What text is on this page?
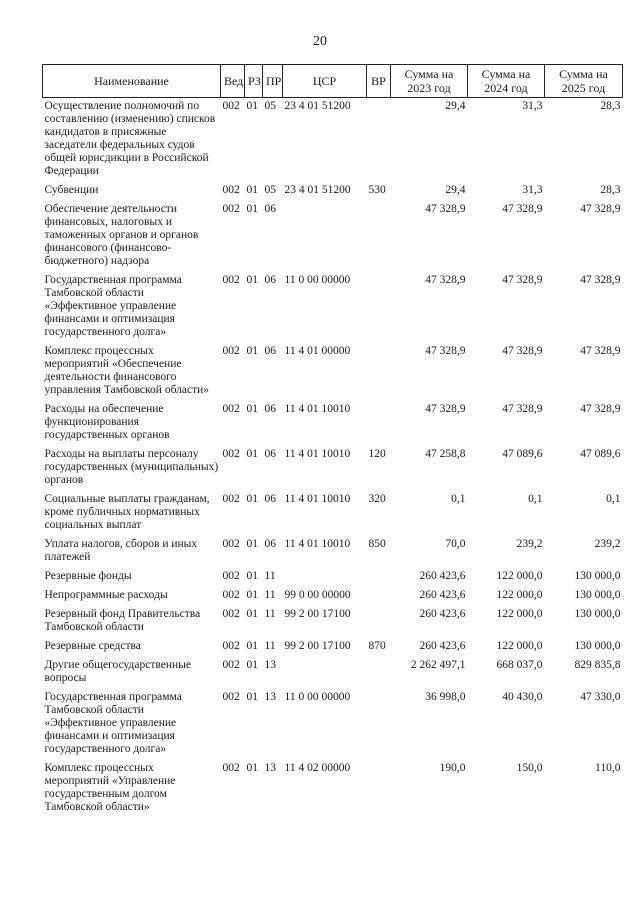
20
Наименование	Вед	РЗ	ПР	ЦСР	ВР	Сумма на 2023 год	Сумма на 2024 год	Сумма на 2025 год
Осуществление полномочий по составлению (изменению) списков кандидатов в присяжные заседатели федеральных судов общей юрисдикции в Российской Федерации	002	01	05	23 4 01 51200		29,4	31,3	28,3
Субвенции	002	01	05	23 4 01 51200	530	29,4	31,3	28,3
Обеспечение деятельности финансовых, налоговых и таможенных органов и органов финансового (финансово-бюджетного) надзора	002	01	06			47 328,9	47 328,9	47 328,9
Государственная программа Тамбовской области «Эффективное управление финансами и оптимизация государственного долга»	002	01	06	11 0 00 00000		47 328,9	47 328,9	47 328,9
Комплекс процессных мероприятий «Обеспечение деятельности финансового управления Тамбовской области»	002	01	06	11 4 01 00000		47 328,9	47 328,9	47 328,9
Расходы на обеспечение функционирования государственных органов	002	01	06	11 4 01 10010		47 328,9	47 328,9	47 328,9
Расходы на выплаты персоналу государственных (муниципальных) органов	002	01	06	11 4 01 10010	120	47 258,8	47 089,6	47 089,6
Социальные выплаты гражданам, кроме публичных нормативных социальных выплат	002	01	06	11 4 01 10010	320	0,1	0,1	0,1
Уплата налогов, сборов и иных платежей	002	01	06	11 4 01 10010	850	70,0	239,2	239,2
Резервные фонды	002	01	11			260 423,6	122 000,0	130 000,0
Непрограммные расходы	002	01	11	99 0 00 00000		260 423,6	122 000,0	130 000,0
Резервный фонд Правительства Тамбовской области	002	01	11	99 2 00 17100		260 423,6	122 000,0	130 000,0
Резервные средства	002	01	11	99 2 00 17100	870	260 423,6	122 000,0	130 000,0
Другие общегосударственные вопросы	002	01	13			2 262 497,1	668 037,0	829 835,8
Государственная программа Тамбовской области «Эффективное управление финансами и оптимизация государственного долга»	002	01	13	11 0 00 00000		36 998,0	40 430,0	47 330,0
Комплекс процессных мероприятий «Управление государственным долгом Тамбовской области»	002	01	13	11 4 02 00000		190,0	150,0	110,0
